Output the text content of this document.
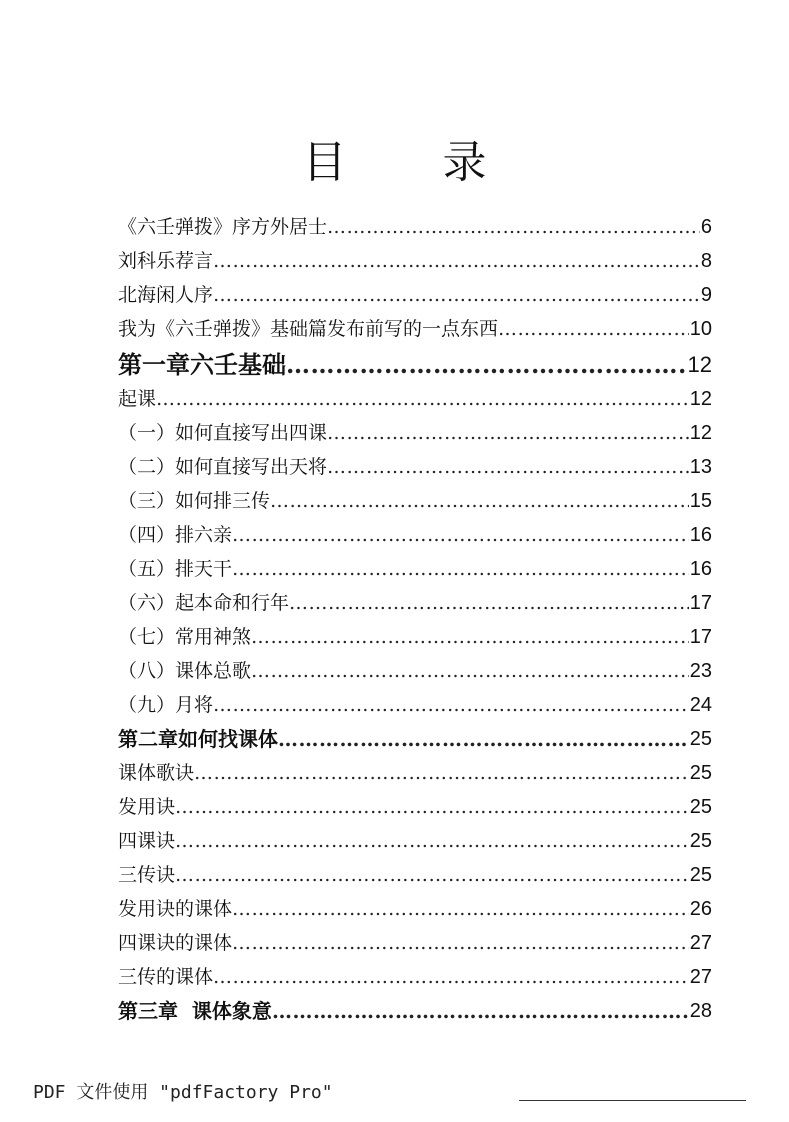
目录
《六壬弹拨》序方外居士 ……………………………………………………………………………………………………………………………………………………………………………………………………	6
刘科乐荐言 ……………………………………………………………………………………………………………………………………………………………………………………………………	8
北海闲人序 ……………………………………………………………………………………………………………………………………………………………………………………………………	9
我为《六壬弹拨》基础篇发布前写的一点东西 ……………………………………………………………………………………………………………………………………………………………………………………………………	10
第一章六壬基础 ……………………………………………………………………………………………………………………………………………………………………………………………………	12
起课 ……………………………………………………………………………………………………………………………………………………………………………………………………	12
（一）如何直接写出四课 ……………………………………………………………………………………………………………………………………………………………………………………………………	12
（二）如何直接写出天将 ……………………………………………………………………………………………………………………………………………………………………………………………………	13
（三）如何排三传 ……………………………………………………………………………………………………………………………………………………………………………………………………	15
（四）排六亲 ……………………………………………………………………………………………………………………………………………………………………………………………………	16
（五）排天干 ……………………………………………………………………………………………………………………………………………………………………………………………………	16
（六）起本命和行年 ……………………………………………………………………………………………………………………………………………………………………………………………………	17
（七）常用神煞 ……………………………………………………………………………………………………………………………………………………………………………………………………	17
（八）课体总歌 ……………………………………………………………………………………………………………………………………………………………………………………………………	23
（九）月将 ……………………………………………………………………………………………………………………………………………………………………………………………………	24
第二章如何找课体 ……………………………………………………………………………………………………………………………………………………………………………………………………	25
课体歌诀 ……………………………………………………………………………………………………………………………………………………………………………………………………	25
发用诀 ……………………………………………………………………………………………………………………………………………………………………………………………………	25
四课诀 ……………………………………………………………………………………………………………………………………………………………………………………………………	25
三传诀 ……………………………………………………………………………………………………………………………………………………………………………………………………	25
发用诀的课体 ……………………………………………………………………………………………………………………………………………………………………………………………………	26
四课诀的课体 ……………………………………………………………………………………………………………………………………………………………………………………………………	27
三传的课体 ……………………………………………………………………………………………………………………………………………………………………………………………………	27
第三章  课体象意 ……………………………………………………………………………………………………………………………………………………………………………………………………	28
PDF 文件使用 "pdfFactory Pro"
